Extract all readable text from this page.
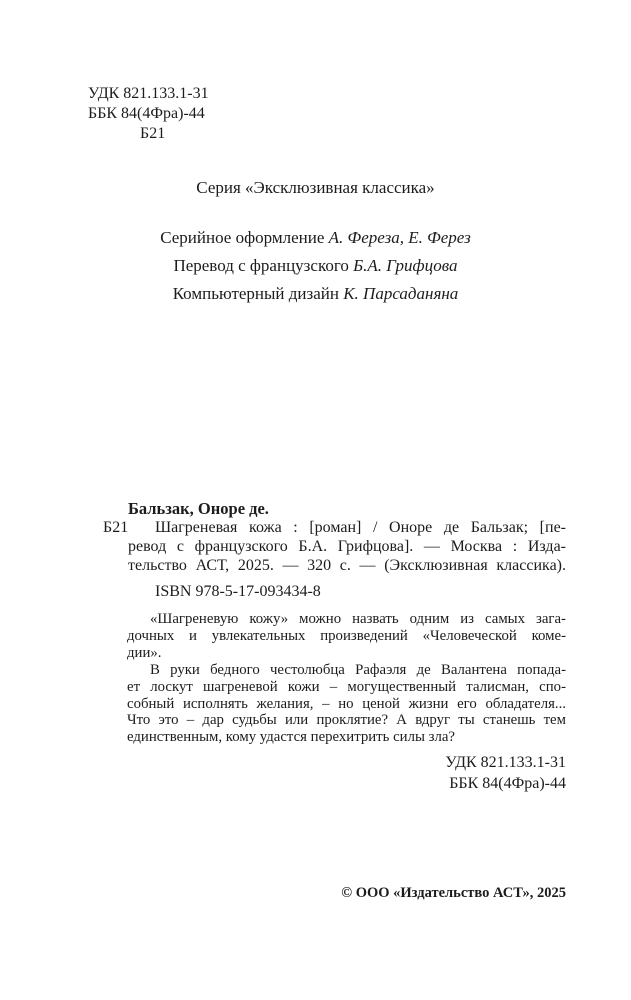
УДК 821.133.1-31
ББК 84(4Фра)-44
Б21
Серия «Эксклюзивная классика»
Серийное оформление А. Фереза, Е. Ферез
Перевод с французского Б.А. Грифцова
Компьютерный дизайн К. Парсаданяна
Бальзак, Оноре де.
Б21 Шагреневая кожа : [роман] / Оноре де Бальзак; [пе-
ревод с французского Б.А. Грифцова]. — Москва : Изда-
тельство АСТ, 2025. — 320 с. — (Эксклюзивная классика).
ISBN 978-5-17-093434-8
«Шагреневую кожу» можно назвать одним из самых зага-
дочных и увлекательных произведений «Человеческой коме-
дии».
В руки бедного честолюбца Рафаэля де Валантена попада-
ет лоскут шагреневой кожи – могущественный талисман, спо-
собный исполнять желания, – но ценой жизни его обладателя...
Что это – дар судьбы или проклятие? А вдруг ты станешь тем
единственным, кому удастся перехитрить силы зла?
УДК 821.133.1-31
ББК 84(4Фра)-44
© ООО «Издательство АСТ», 2025
